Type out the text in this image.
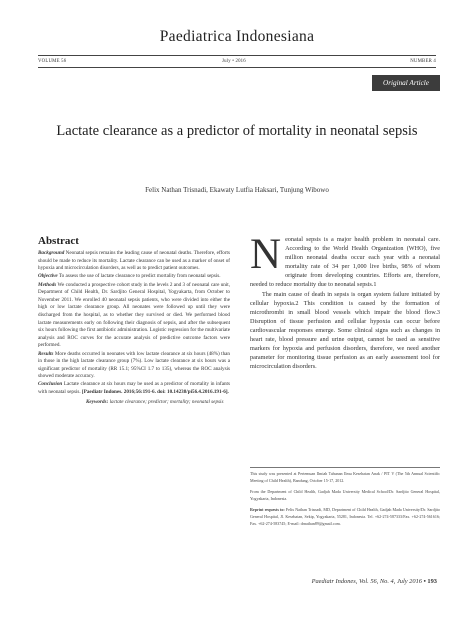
Paediatrica Indonesiana
VOLUME 56	July • 2016	NUMBER 4
Original Article
Lactate clearance as a predictor of mortality in neonatal sepsis
Felix Nathan Trisnadi, Ekawaty Lutfia Haksari, Tunjung Wibowo
Abstract

Background Neonatal sepsis remains the leading cause of neonatal deaths. Therefore, efforts should be made to reduce its mortality. Lactate clearance can be used as a marker of onset of hypoxia and microcirculation disorders, as well as to predict patient outcomes.

Objective To assess the use of lactate clearance to predict mortality from neonatal sepsis.

Methods We conducted a prospective cohort study in the levels 2 and 3 of neonatal care unit, Department of Child Health, Dr. Sardjito General Hospital, Yogyakarta, from October to November 2011. We enrolled 40 neonatal sepsis patients, who were divided into either the high or low lactate clearance group. All neonates were followed up until they were discharged from the hospital, as to whether they survived or died. We performed blood lactate measurements early on following their diagnosis of sepsis, and after the subsequent six hours following the first antibiotic administration. Logistic regression for the multivariate analysis and ROC curves for the accurate analysis of predictive outcome factors were performed.

Results More deaths occurred in neonates with low lactate clearance at six hours (48%) than in those in the high lactate clearance group (7%). Low lactate clearance at six hours was a significant predictor of mortality (RR 15.1; 95%CI 1.7 to 135), whereas the ROC analysis showed moderate accuracy.

Conclusion Lactate clearance at six hours may be used as a predictor of mortality in infants with neonatal sepsis. [Paediatr Indones. 2016;56:191-6. doi: 10.14238/pi56.4.2016.191-6].

Keywords: lactate clearance; predictor; mortality; neonatal sepsis

N eonatal sepsis is a major health problem in neonatal care. According to the World Health Organization (WHO), five million neonatal deaths occur each year with a neonatal mortality rate of 34 per 1,000 live births, 98% of whom originate from developing countries. Efforts are, therefore, needed to reduce mortality due to neonatal sepsis.1

The main cause of death in sepsis is organ system failure initiated by cellular hypoxia.2 This condition is caused by the formation of microthrombi in small blood vessels which impair the blood flow.3 Disruption of tissue perfusion and cellular hypoxia can occur before cardiovascular responses emerge. Some clinical signs such as changes in heart rate, blood pressure and urine output, cannot be used as sensitive markers for hypoxia and perfusion disorders, therefore, we need another parameter for monitoring tissue perfusion as an early assessment tool for microcirculation disorders.

This study was presented at Pertemuan Ilmiah Tahunan Ilmu Kesehatan Anak / PIT V (The 5th Annual Scientific Meeting of Child Health), Bandung, October 15-17, 2012.

From the Department of Child Health, Gadjah Mada University Medical School/Dr. Sardjito General Hospital, Yogyakarta, Indonesia.

Reprint requests to: Felix Nathan Trisnadi, MD, Department of Child Health, Gadjah Mada University/Dr. Sardjito General Hospital, Jl. Kesehatan, Sekip, Yogyakarta, 55281, Indonesia. Tel. +62-274-587333/Fax. +62-274-561616; Fax. +62-274-583745; E-mail: drnathan89@gmail.com.

Paediatr Indones, Vol. 56, No. 4, July 2016 • 193
